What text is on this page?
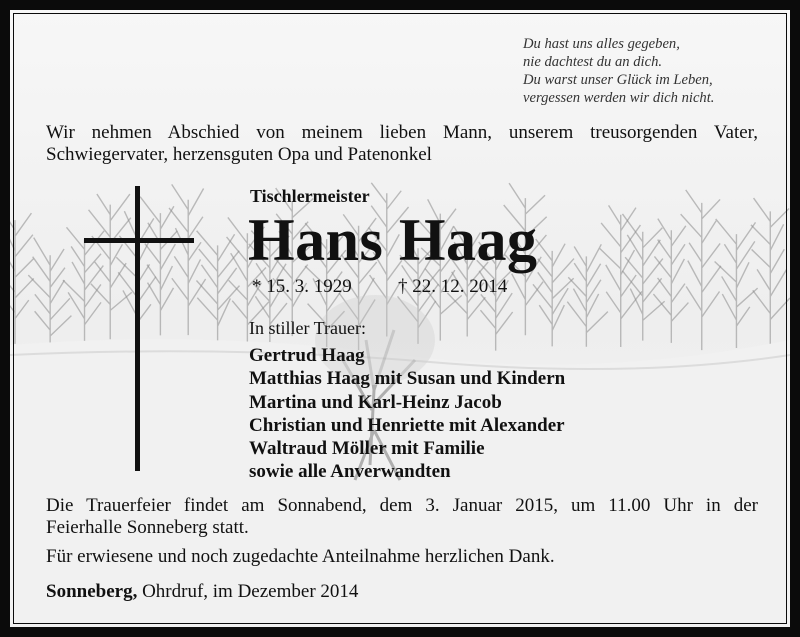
Du hast uns alles gegeben,
nie dachtest du an dich.
Du warst unser Glück im Leben,
vergessen werden wir dich nicht.
Wir nehmen Abschied von meinem lieben Mann, unserem treusorgenden Vater,
Schwiegervater, herzensguten Opa und Patenonkel
Tischlermeister
Hans Haag
* 15. 3. 1929 † 22. 12. 2014
In stiller Trauer:
Gertrud Haag
Matthias Haag mit Susan und Kindern
Martina und Karl-Heinz Jacob
Christian und Henriette mit Alexander
Waltraud Möller mit Familie
sowie alle Anverwandten
Die Trauerfeier findet am Sonnabend, dem 3. Januar 2015, um 11.00 Uhr in der
Feierhalle Sonneberg statt.
Für erwiesene und noch zugedachte Anteilnahme herzlichen Dank.
Sonneberg, Ohrdruf, im Dezember 2014
